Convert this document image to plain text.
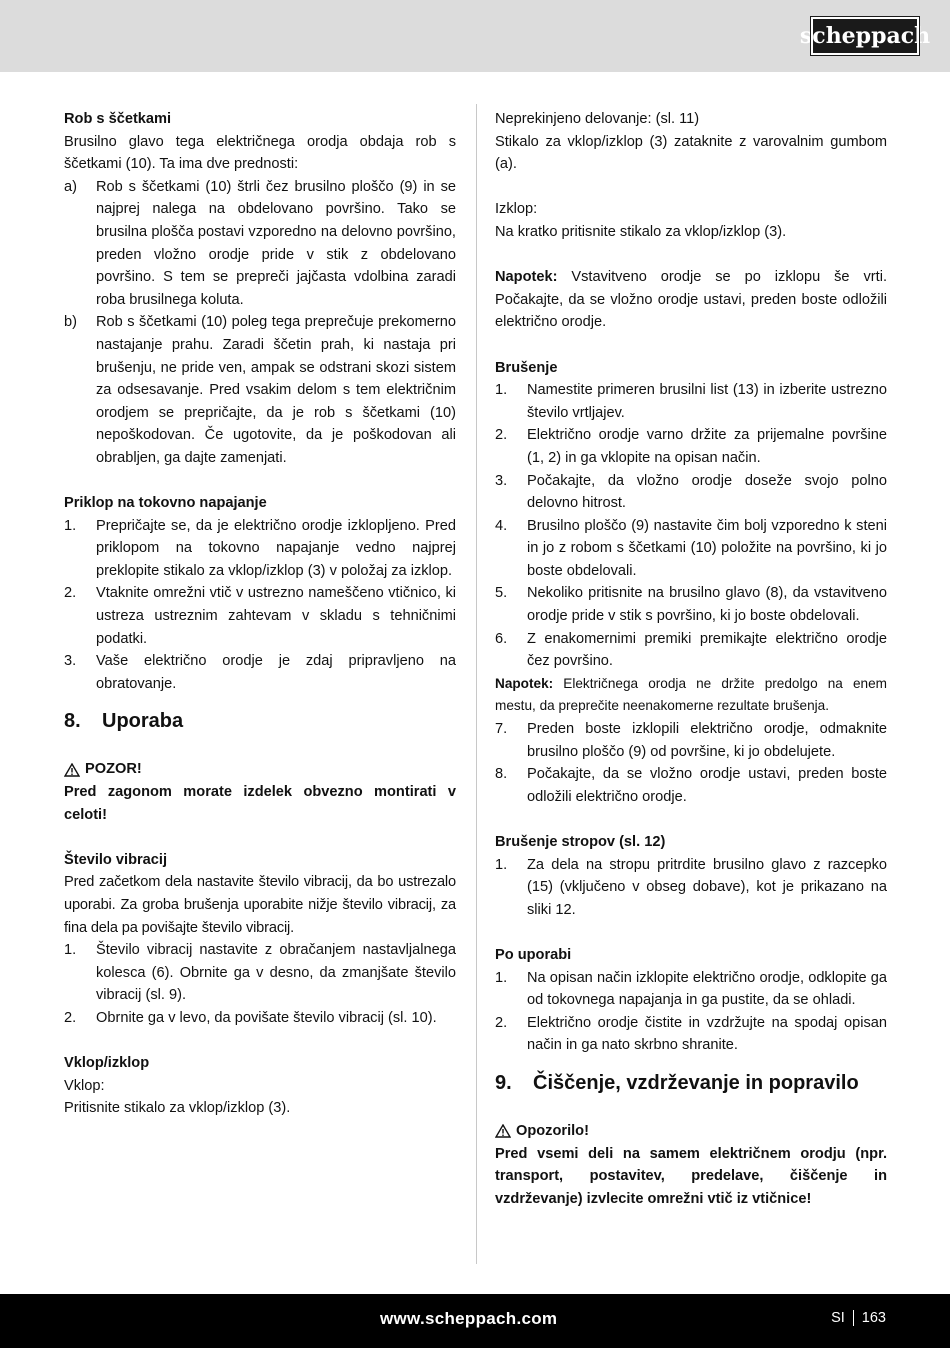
scheppach
Rob s ščetkami
Brusilno glavo tega električnega orodja obdaja rob s ščetkami (10). Ta ima dve prednosti:
a)	Rob s ščetkami (10) štrli čez brusilno ploščo (9) in se najprej nalega na obdelovano površino. Tako se brusilna plošča postavi vzporedno na delovno površino, preden vložno orodje pride v stik z obdelovano površino. S tem se prepreči jajčasta vdolbina zaradi roba brusilnega koluta.
b)	Rob s ščetkami (10) poleg tega preprečuje prekomerno nastajanje prahu. Zaradi ščetin prah, ki nastaja pri brušenju, ne pride ven, ampak se odstrani skozi sistem za odsesavanje. Pred vsakim delom s tem električnim orodjem se prepričajte, da je rob s ščetkami (10) nepoškodovan. Če ugotovite, da je poškodovan ali obrabljen, ga dajte zamenjati.
Priklop na tokovno napajanje
1.	Prepričajte se, da je električno orodje izklopljeno. Pred priklopom na tokovno napajanje vedno najprej preklopite stikalo za vklop/izklop (3) v položaj za izklop.
2.	Vtaknite omrežni vtič v ustrezno nameščeno vtičnico, ki ustreza ustreznim zahtevam v skladu s tehničnimi podatki.
3.	Vaše električno orodje je zdaj pripravljeno na obratovanje.
8.	Uporaba
POZOR!
Pred zagonom morate izdelek obvezno montirati v celoti!
Število vibracij
Pred začetkom dela nastavite število vibracij, da bo ustrezalo uporabi. Za groba brušenja uporabite nižje število vibracij, za fina dela pa povišajte število vibracij.
1.	Število vibracij nastavite z obračanjem nastavljalnega kolesca (6). Obrnite ga v desno, da zmanjšate število vibracij (sl. 9).
2.	Obrnite ga v levo, da povišate število vibracij (sl. 10).
Vklop/izklop
Vklop:
Pritisnite stikalo za vklop/izklop (3).
Neprekinjeno delovanje: (sl. 11)
Stikalo za vklop/izklop (3) zataknite z varovalnim gumbom (a).
Izklop:
Na kratko pritisnite stikalo za vklop/izklop (3).
Napotek: Vstavitveno orodje se po izklopu še vrti. Počakajte, da se vložno orodje ustavi, preden boste odložili električno orodje.
Brušenje
1.	Namestite primeren brusilni list (13) in izberite ustrezno število vrtljajev.
2.	Električno orodje varno držite za prijemalne površine (1, 2) in ga vklopite na opisan način.
3.	Počakajte, da vložno orodje doseže svojo polno delovno hitrost.
4.	Brusilno ploščo (9) nastavite čim bolj vzporedno k steni in jo z robom s ščetkami (10) položite na površino, ki jo boste obdelovali.
5.	Nekoliko pritisnite na brusilno glavo (8), da vstavitveno orodje pride v stik s površino, ki jo boste obdelovali.
6.	Z enakomernimi premiki premikajte električno orodje čez površino.
Napotek: Električnega orodja ne držite predolgo na enem mestu, da preprečite neenakomerne rezultate brušenja.
7.	Preden boste izklopili električno orodje, odmaknite brusilno ploščo (9) od površine, ki jo obdelujete.
8.	Počakajte, da se vložno orodje ustavi, preden boste odložili električno orodje.
Brušenje stropov (sl. 12)
1.	Za dela na stropu pritrdite brusilno glavo z razcepko (15) (vključeno v obseg dobave), kot je prikazano na sliki 12.
Po uporabi
1.	Na opisan način izklopite električno orodje, odklopite ga od tokovnega napajanja in ga pustite, da se ohladi.
2.	Električno orodje čistite in vzdržujte na spodaj opisan način in ga nato skrbno shranite.
9.	Čiščenje, vzdrževanje in popravilo
Opozorilo!
Pred vsemi deli na samem električnem orodju (npr. transport, postavitev, predelave, čiščenje in vzdrževanje) izvlecite omrežni vtič iz vtičnice!
www.scheppach.com	SI 163
